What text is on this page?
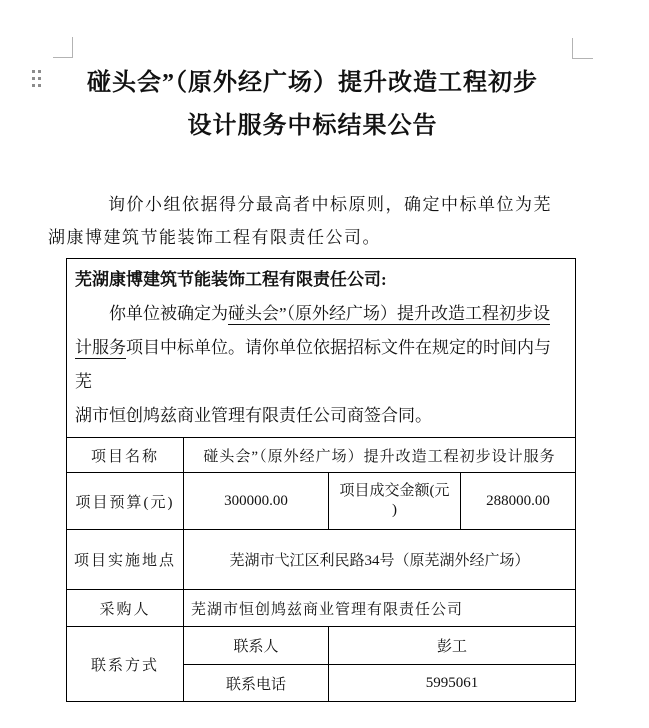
碰头会”（原外经广场）提升改造工程初步
设计服务中标结果公告

询价小组依据得分最高者中标原则，确定中标单位为芜
湖康博建筑节能装饰工程有限责任公司。

芜湖康博建筑节能装饰工程有限责任公司:
你单位被确定为碰头会”（原外经广场）提升改造工程初步设
计服务项目中标单位。请你单位依据招标文件在规定的时间内与芜
湖市恒创鸠兹商业管理有限责任公司商签合同。			

项目名称	碰头会”（原外经广场）提升改造工程初步设计服务		
项目预算(元)	300000.00	项目成交金额(元
)	288000.00
项目实施地点	芜湖市弋江区利民路34号（原芜湖外经广场）		
采购人	芜湖市恒创鸠兹商业管理有限责任公司		
联系方式	联系人	彭工	
	联系电话	5995061	
